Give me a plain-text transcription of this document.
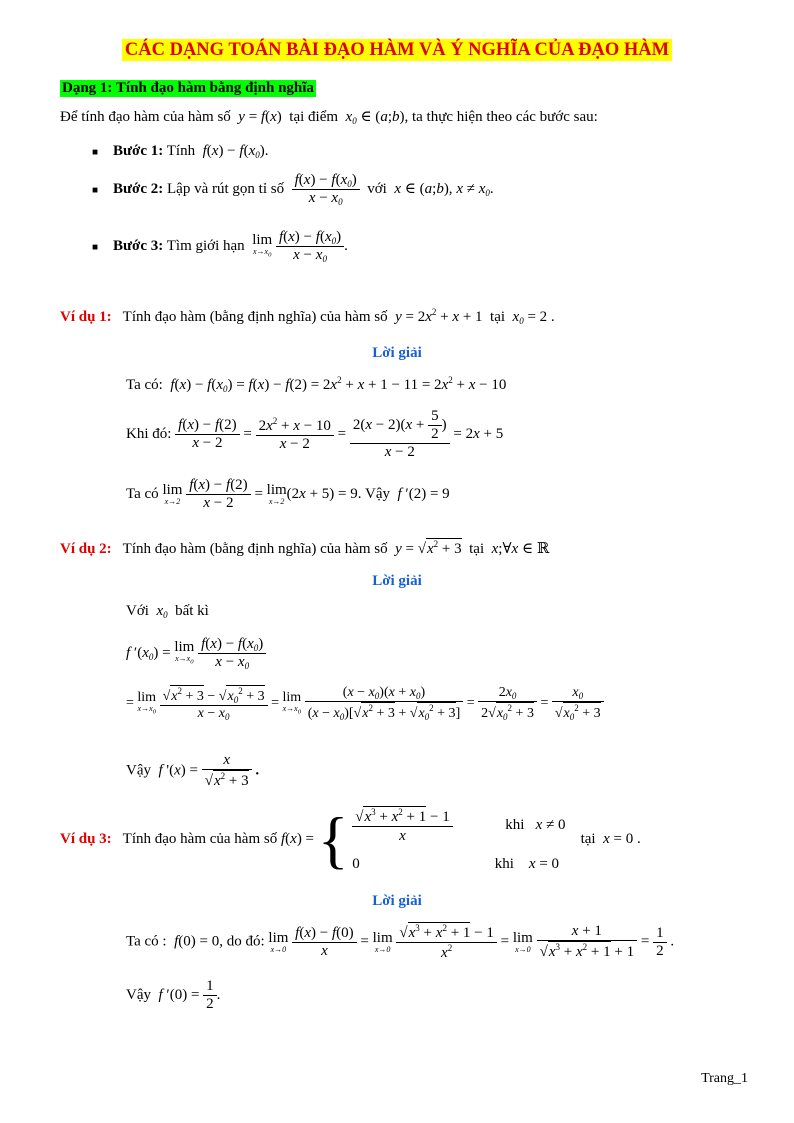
CÁC DẠNG TOÁN BÀI ĐẠO HÀM VÀ Ý NGHĨA CỦA ĐẠO HÀM
Dạng 1: Tính đạo hàm bằng định nghĩa
Để tính đạo hàm của hàm số y = f(x)  tại điểm $x_0$ ∈ (a;b), ta thực hiện theo các bước sau:
■ Bước 1: Tính $f(x) - f(x_0)$.
■ Bước 2: Lập và rút gọn tỉ số $\frac{f(x) - f(x_0)}{x - x_0}$ với x ∈ (a;b), $x \ne x_0$.
■ Bước 3: Tìm giới hạn lim
$x\to x_0$
$\frac{f(x) - f(x_0)}{x - x_0}$ .
Ví dụ 1: Tính đạo hàm (bằng định nghĩa) của hàm số $y = 2x^2 + x + 1$  tại $x_0 = 2$ .
Lời giải
Ta có: $f(x) - f(x_0) = f(x) - f(2) = 2x^2 + x + 1 - 11 = 2x^2 + x - 10$
Khi đó: $\frac{f(x) - f(2)}{x - 2} = \frac{2x^2 + x - 10}{x - 2} = \frac{2(x - 2)(x + \frac{5}{2} )}{x - 2} = 2x + 5$
Ta có lim
x→2
$\frac{f(x) - f(2)}{x - 2} = \lim$
x→2 (2x + 5) = 9. Vậy f ′(2) = 9
Ví dụ 2: Tính đạo hàm (bằng định nghĩa) của hàm số $y = √x^2 + 3$ tại x;∀x ∈ ℝ
Lời giải
Với $x_0$ bất kì
f $'(x_0) = \lim$
$x\to x_0$
$\frac{f(x) - f(x_0)}{x - x_0}$
= lim
$x\to x_0$
$\frac{√x^2 + 3 - √x_0^2 + 3}{x - x_0} = \lim$
$x\to x_0$
$\frac{(x - x_0)(x + x_0)}{(x - x_0)[√x^2 + 3 + √x_0^2 + 3]} = \frac{2x_0}{2√x_0^2 + 3} = \frac{x_0}{√x_0^2 + 3}$
Vậy f '$(x) = \frac{x}{√x^2 + 3}$ .
Ví dụ 3: Tính đạo hàm của hàm số f(x) = { $\frac{√x^3 + x^2 + 1 - 1}{x}$	khi x ≠ 0
0                                    khi x = 0
tại x = 0 .
Lời giải
Ta có : f(0) = 0, do đó: lim
x→0
$\frac{f(x) - f(0)}{x} = \lim$
x→0
$\frac{√x^3 + x^2 + 1 - 1}{x^2} = \lim$
x→0
$\frac{x + 1}{√x^3 + x^2 + 1 + 1} = \frac{1}{2}$ .
Vậy f $'(0) = \frac{1}{2}$ .
Trang_1
